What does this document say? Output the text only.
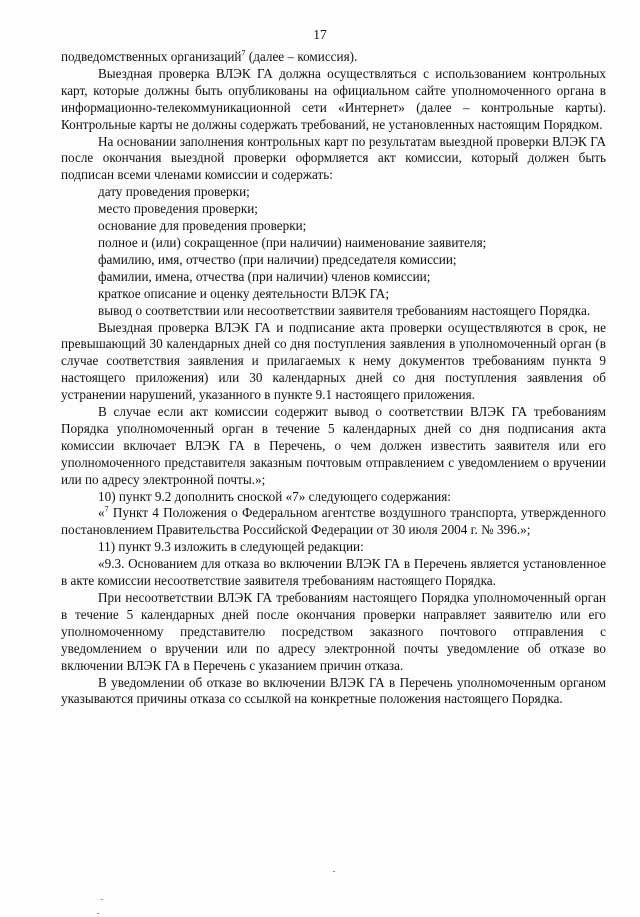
17

подведомственных организаций$^7$ (далее – комиссия).

Выездная проверка ВЛЭК ГА должна осуществляться с использованием контрольных карт, которые должны быть опубликованы на официальном сайте уполномоченного органа в информационно-телекоммуникационной сети «Интернет» (далее – контрольные карты). Контрольные карты не должны содержать требований, не установленных настоящим Порядком.

На основании заполнения контрольных карт по результатам выездной проверки ВЛЭК ГА после окончания выездной проверки оформляется акт комиссии, который должен быть подписан всеми членами комиссии и содержать:

дату проведения проверки;

место проведения проверки;

основание для проведения проверки;

полное и (или) сокращенное (при наличии) наименование заявителя;

фамилию, имя, отчество (при наличии) председателя комиссии;

фамилии, имена, отчества (при наличии) членов комиссии;

краткое описание и оценку деятельности ВЛЭК ГА;

вывод о соответствии или несоответствии заявителя требованиям настоящего Порядка.

Выездная проверка ВЛЭК ГА и подписание акта проверки осуществляются в срок, не превышающий 30 календарных дней со дня поступления заявления в уполномоченный орган (в случае соответствия заявления и прилагаемых к нему документов требованиям пункта 9 настоящего приложения) или 30 календарных дней со дня поступления заявления об устранении нарушений, указанного в пункте 9.1 настоящего приложения.

В случае если акт комиссии содержит вывод о соответствии ВЛЭК ГА требованиям Порядка уполномоченный орган в течение 5 календарных дней со дня подписания акта комиссии включает ВЛЭК ГА в Перечень, о чем должен известить заявителя или его уполномоченного представителя заказным почтовым отправлением с уведомлением о вручении или по адресу электронной почты.»;

10) пункт 9.2 дополнить сноской «7» следующего содержания:

«$^7$ Пункт 4 Положения о Федеральном агентстве воздушного транспорта, утвержденного постановлением Правительства Российской Федерации от 30 июля 2004 г. № 396.»;

11) пункт 9.3 изложить в следующей редакции:

«9.3. Основанием для отказа во включении ВЛЭК ГА в Перечень является установленное в акте комиссии несоответствие заявителя требованиям настоящего Порядка.

При несоответствии ВЛЭК ГА требованиям настоящего Порядка уполномоченный орган в течение 5 календарных дней после окончания проверки направляет заявителю или его уполномоченному представителю посредством заказного почтового отправления с уведомлением о вручении или по адресу электронной почты уведомление об отказе во включении ВЛЭК ГА в Перечень с указанием причин отказа.

В уведомлении об отказе во включении ВЛЭК ГА в Перечень уполномоченным органом указываются причины отказа со ссылкой на конкретные положения настоящего Порядка.
